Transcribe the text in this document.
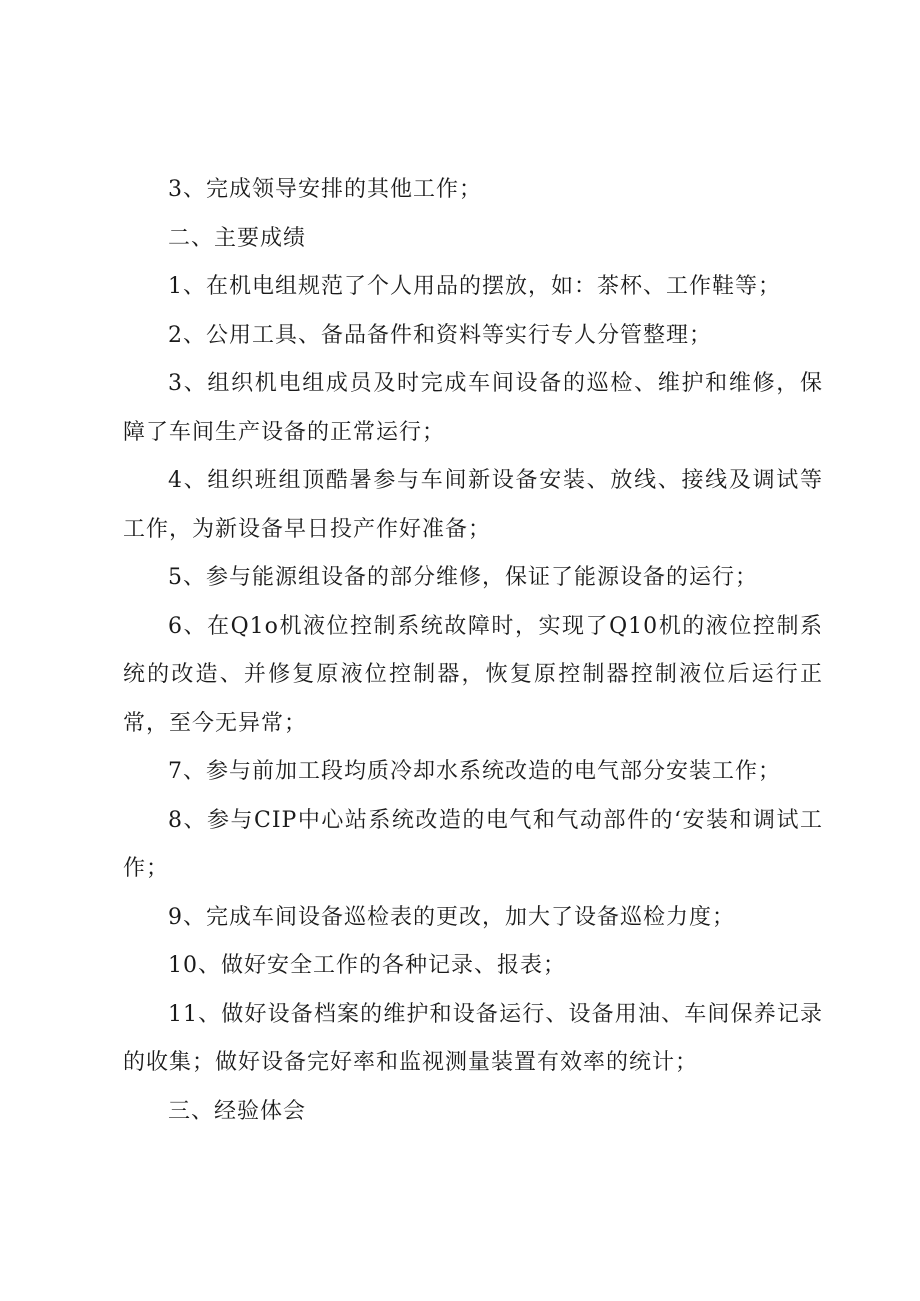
3、完成领导安排的其他工作；

二、主要成绩

1、在机电组规范了个人用品的摆放，如：茶杯、工作鞋等；

2、公用工具、备品备件和资料等实行专人分管整理；

3、组织机电组成员及时完成车间设备的巡检、维护和维修，保障了车间生产设备的正常运行；

4、组织班组顶酷暑参与车间新设备安装、放线、接线及调试等工作，为新设备早日投产作好准备；

5、参与能源组设备的部分维修，保证了能源设备的运行；

6、在Q1o机液位控制系统故障时，实现了Q10机的液位控制系统的改造、并修复原液位控制器，恢复原控制器控制液位后运行正常，至今无异常；

7、参与前加工段均质冷却水系统改造的电气部分安装工作；

8、参与CIP中心站系统改造的电气和气动部件的‘安装和调试工作；

9、完成车间设备巡检表的更改，加大了设备巡检力度；

10、做好安全工作的各种记录、报表；

11、做好设备档案的维护和设备运行、设备用油、车间保养记录的收集；做好设备完好率和监视测量装置有效率的统计；

三、经验体会
